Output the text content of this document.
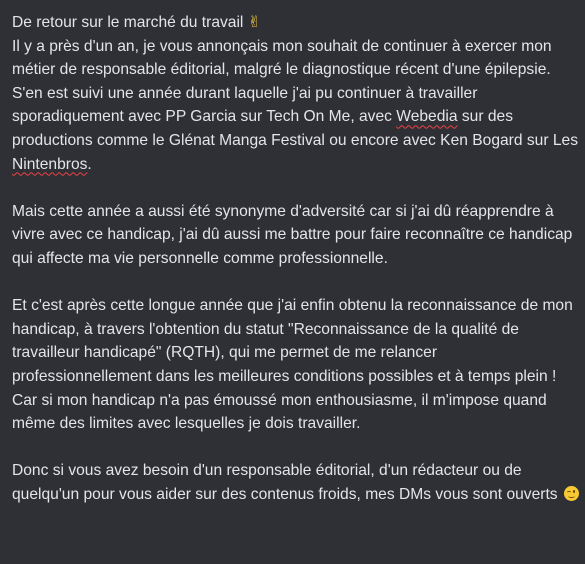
De retour sur le marché du travail ✌

Il y a près d'un an, je vous annonçais mon souhait de continuer à exercer mon métier de responsable éditorial, malgré le diagnostique récent d'une épilepsie. S'en est suivi une année durant laquelle j'ai pu continuer à travailler sporadiquement avec PP Garcia sur Tech On Me, avec Webedia sur des productions comme le Glénat Manga Festival ou encore avec Ken Bogard sur Les Nintenbros.

Mais cette année a aussi été synonyme d'adversité car si j'ai dû réapprendre à vivre avec ce handicap, j'ai dû aussi me battre pour faire reconnaître ce handicap qui affecte ma vie personnelle comme professionnelle.

Et c'est après cette longue année que j'ai enfin obtenu la reconnaissance de mon handicap, à travers l'obtention du statut "Reconnaissance de la qualité de travailleur handicapé" (RQTH), qui me permet de me relancer professionnellement dans les meilleures conditions possibles et à temps plein !

Car si mon handicap n'a pas émoussé mon enthousiasme, il m'impose quand même des limites avec lesquelles je dois travailler.

Donc si vous avez besoin d'un responsable éditorial, d'un rédacteur ou de quelqu'un pour vous aider sur des contenus froids, mes DMs vous sont ouverts
